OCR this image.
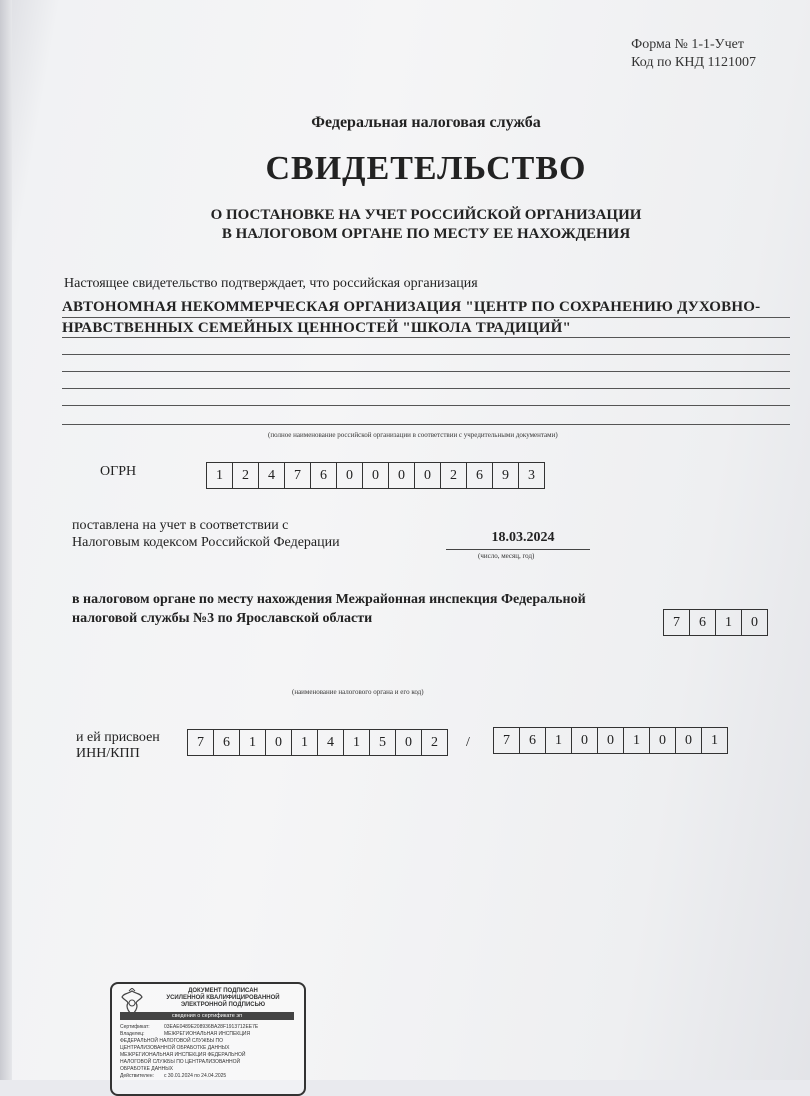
Форма № 1-1-Учет
Код по КНД 1121007
Федеральная налоговая служба
СВИДЕТЕЛЬСТВО
О ПОСТАНОВКЕ НА УЧЕТ РОССИЙСКОЙ ОРГАНИЗАЦИИ
В НАЛОГОВОМ ОРГАНЕ ПО МЕСТУ ЕЕ НАХОЖДЕНИЯ
Настоящее свидетельство подтверждает, что российская организация
АВТОНОМНАЯ НЕКОММЕРЧЕСКАЯ ОРГАНИЗАЦИЯ "ЦЕНТР ПО СОХРАНЕНИЮ ДУХОВНО-
НРАВСТВЕННЫХ СЕМЕЙНЫХ ЦЕННОСТЕЙ "ШКОЛА ТРАДИЦИЙ"
(полное наименование российской организации в соответствии с учредительными документами)
ОГРН	1	2	4	7	6	0	0	0	0	2	6	9	3
поставлена на учет в соответствии с
Налоговым кодексом Российской Федерации	18.03.2024
(число, месяц, год)
в налоговом органе по месту нахождения Межрайонная инспекция Федеральной
налоговой службы №3 по Ярославской области	7	6	1	0
(наименование налогового органа и его код)
и ей присвоен
ИНН/КПП
7	6	1	0	1	4	1	5	0	2	/	7	6	1	0	0	1	0	0	1
ДОКУМЕНТ ПОДПИСАН
УСИЛЕННОЙ КВАЛИФИЦИРОВАННОЙ
ЭЛЕКТРОННОЙ ПОДПИСЬЮ
сведения о сертификате эп
Сертификат:	03EAE0489E208936BA28F1913712EE7E
Владелец:	МЕЖРЕГИОНАЛЬНАЯ ИНСПЕКЦИЯ
ФЕДЕРАЛЬНОЙ НАЛОГОВОЙ СЛУЖБЫ ПО
ЦЕНТРАЛИЗОВАННОЙ ОБРАБОТКЕ ДАННЫХ
МЕЖРЕГИОНАЛЬНАЯ ИНСПЕКЦИЯ ФЕДЕРАЛЬНОЙ
НАЛОГОВОЙ СЛУЖБЫ ПО ЦЕНТРАЛИЗОВАННОЙ
ОБРАБОТКЕ ДАННЫХ
Действителен: с 30.01.2024 по 24.04.2025
